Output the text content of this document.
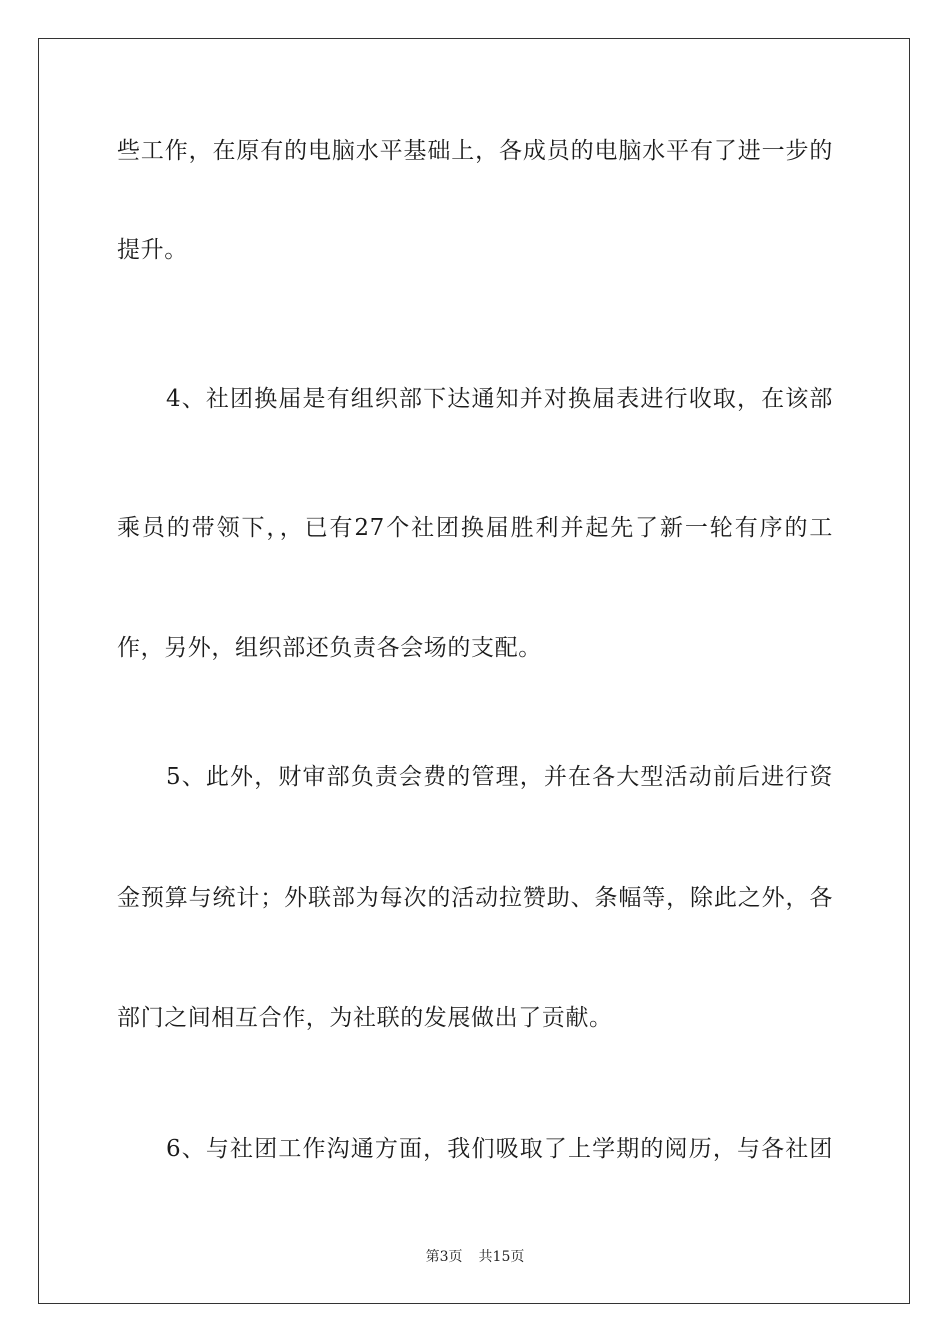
些工作，在原有的电脑水平基础上，各成员的电脑水平有了进一步的
提升。
4、社团换届是有组织部下达通知并对换届表进行收取，在该部
乘员的带领下，，已有27个社团换届胜利并起先了新一轮有序的工
作，另外，组织部还负责各会场的支配。
5、此外，财审部负责会费的管理，并在各大型活动前后进行资
金预算与统计；外联部为每次的活动拉赞助、条幅等，除此之外，各
部门之间相互合作，为社联的发展做出了贡献。
6、与社团工作沟通方面，我们吸取了上学期的阅历，与各社团
第3页 共15页
